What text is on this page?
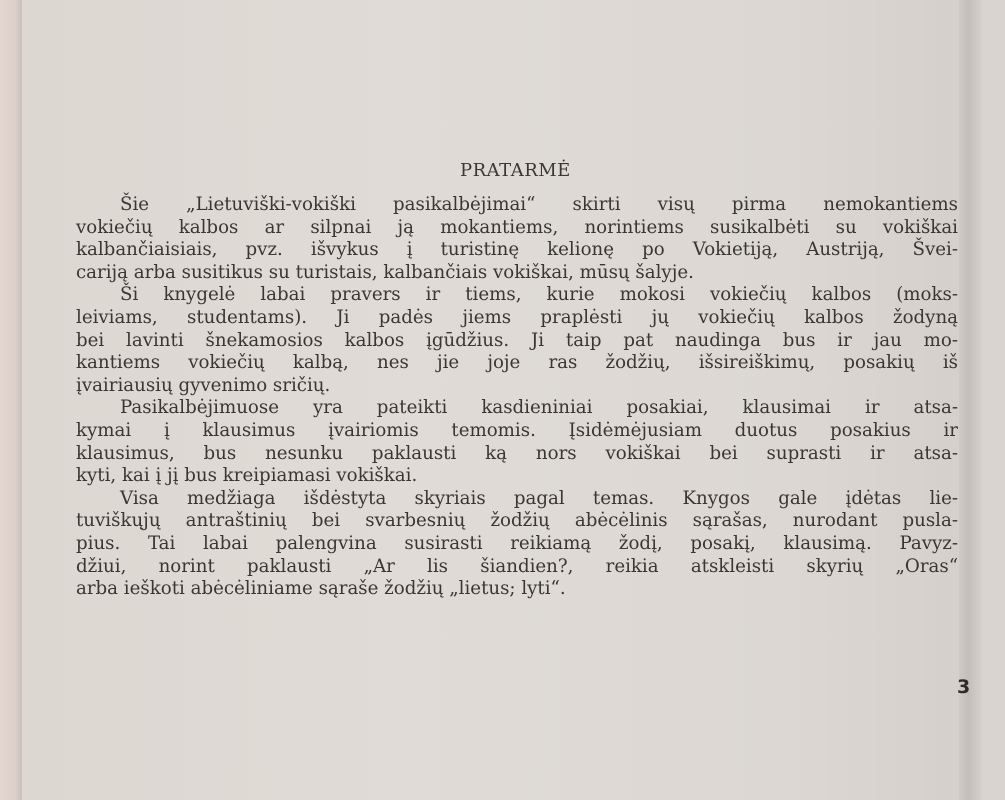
PRATARMĖ
Šie „Lietuviški-vokiški pasikalbėjimai“ skirti visų pirma nemokantiems
vokiečių kalbos ar silpnai ją mokantiems, norintiems susikalbėti su vokiškai
kalbančiaisiais, pvz. išvykus į turistinę kelionę po Vokietiją, Austriją, Švei-
cariją arba susitikus su turistais, kalbančiais vokiškai, mūsų šalyje.
Ši knygelė labai pravers ir tiems, kurie mokosi vokiečių kalbos (moks-
leiviams, studentams). Ji padės jiems praplėsti jų vokiečių kalbos žodyną
bei lavinti šnekamosios kalbos įgūdžius. Ji taip pat naudinga bus ir jau mo-
kantiems vokiečių kalbą, nes jie joje ras žodžių, išsireiškimų, posakių iš
įvairiausių gyvenimo sričių.
Pasikalbėjimuose yra pateikti kasdieniniai posakiai, klausimai ir atsa-
kymai į klausimus įvairiomis temomis. Įsidėmėjusiam duotus posakius ir
klausimus, bus nesunku paklausti ką nors vokiškai bei suprasti ir atsa-
kyti, kai į jį bus kreipiamasi vokiškai.
Visa medžiaga išdėstyta skyriais pagal temas. Knygos gale įdėtas lie-
tuviškųjų antraštinių bei svarbesnių žodžių abėcėlinis sąrašas, nurodant pusla-
pius. Tai labai palengvina susirasti reikiamą žodį, posakį, klausimą. Pavyz-
džiui, norint paklausti „Ar lis šiandien?, reikia atskleisti skyrių „Oras“
arba ieškoti abėcėliniame sąraše žodžių „lietus; lyti“.
3
